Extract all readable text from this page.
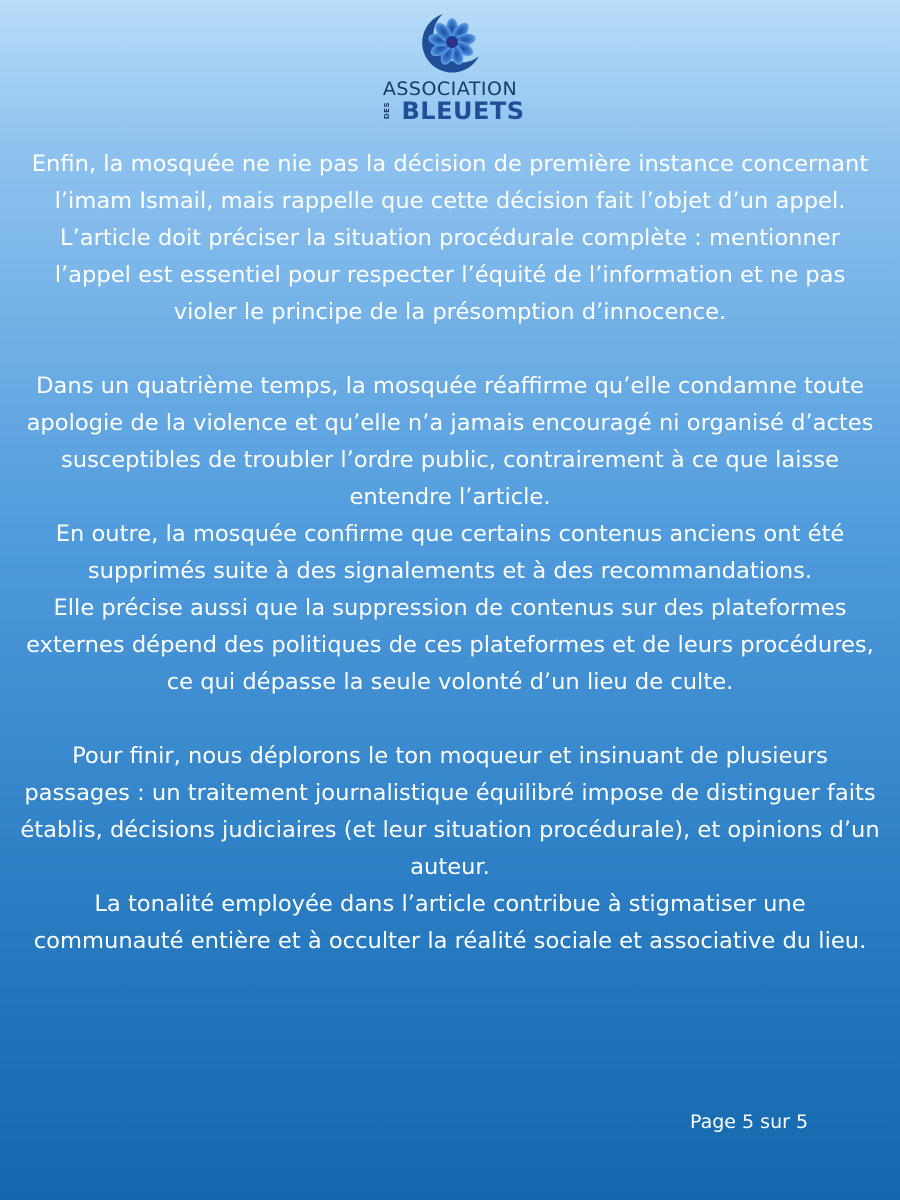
ASSOCIATION
DES BLEUETS

Enfin, la mosquée ne nie pas la décision de première instance concernant l’imam Ismail, mais rappelle que cette décision fait l’objet d’un appel.

L’article doit préciser la situation procédurale complète : mentionner l’appel est essentiel pour respecter l’équité de l’information et ne pas violer le principe de la présomption d’innocence.

Dans un quatrième temps, la mosquée réaffirme qu’elle condamne toute apologie de la violence et qu’elle n’a jamais encouragé ni organisé d’actes susceptibles de troubler l’ordre public, contrairement à ce que laisse entendre l’article.

En outre, la mosquée confirme que certains contenus anciens ont été supprimés suite à des signalements et à des recommandations.

Elle précise aussi que la suppression de contenus sur des plateformes externes dépend des politiques de ces plateformes et de leurs procédures, ce qui dépasse la seule volonté d’un lieu de culte.

Pour finir, nous déplorons le ton moqueur et insinuant de plusieurs passages : un traitement journalistique équilibré impose de distinguer faits établis, décisions judiciaires (et leur situation procédurale), et opinions d’un auteur.

La tonalité employée dans l’article contribue à stigmatiser une communauté entière et à occulter la réalité sociale et associative du lieu.

Page 5 sur 5
